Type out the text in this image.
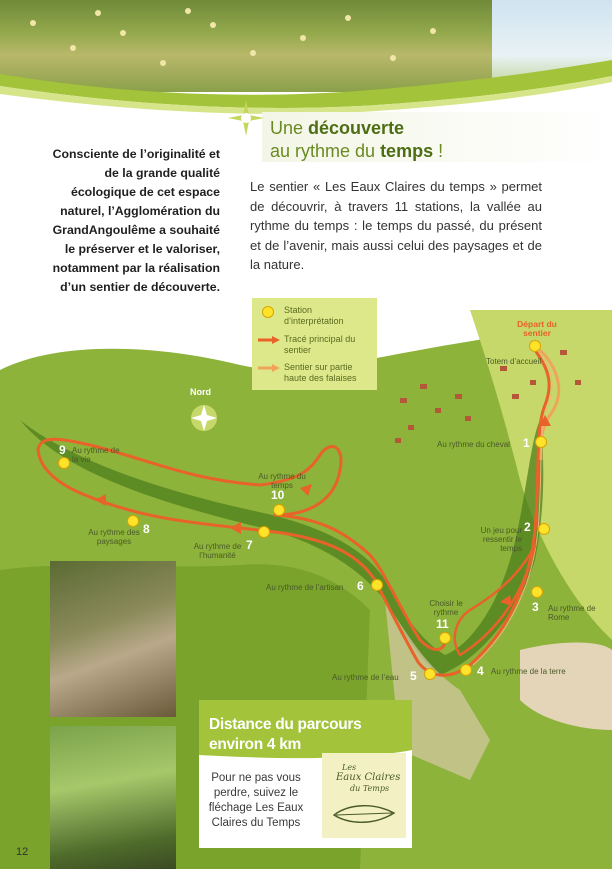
Consciente de l’originalité et de la grande qualité écologique de cet espace naturel, l’Agglomération du GrandAngoulême a souhaité le préserver et le valoriser, notamment par la réalisation d’un sentier de découverte.
Une découverte
au rythme du temps !
Le sentier « Les Eaux Claires du temps » permet de découvrir, à travers 11 stations, la vallée au rythme du temps : le temps du passé, du présent et de l’avenir, mais aussi celui des paysages et de la nature.
Station d’interprétation
Tracé principal du sentier
Sentier sur partie haute des falaises
Nord
Départ du sentier
Totem d’accueil
Au rythme du cheval 1
Un jeu pour ressentir le temps
2
3 Au rythme de Rome
4 Au rythme de la terre
Au rythme de l’eau 5
Au rythme de l’artisan 6
Au rythme de l’humanité
7
Au rythme des paysages
8
9 Au rythme de la vie
Au rythme du temps
10
Choisir le rythme
11
Distance du parcours
environ 4 km
Pour ne pas vous perdre, suivez le fléchage Les Eaux Claires du Temps
Les
Eaux Claires
du Temps
12
